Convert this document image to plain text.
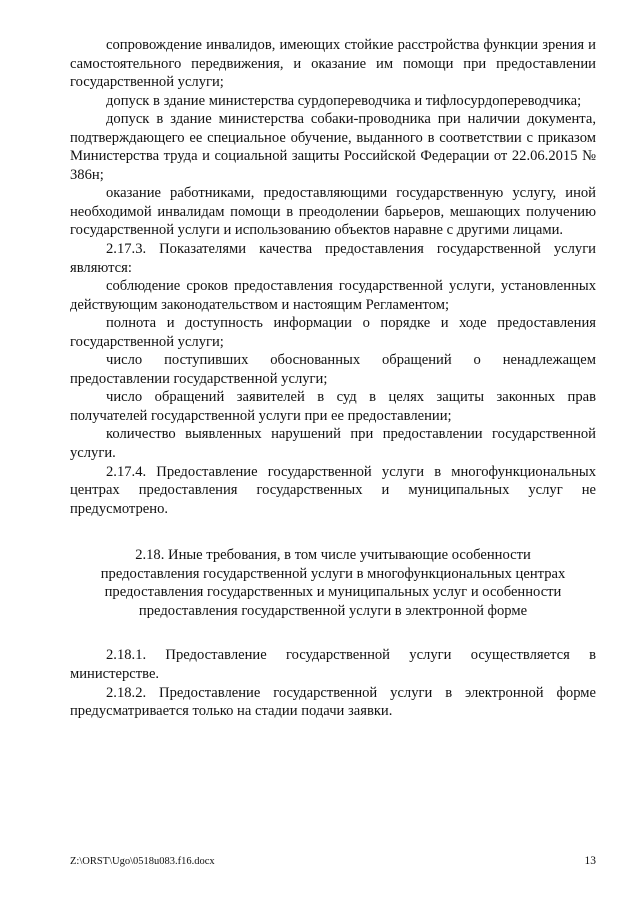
сопровождение инвалидов, имеющих стойкие расстройства функции зрения и самостоятельного передвижения, и оказание им помощи при предоставлении государственной услуги;

допуск в здание министерства сурдопереводчика и тифлосурдопереводчика;

допуск в здание министерства собаки-проводника при наличии документа, подтверждающего ее специальное обучение, выданного в соответствии с приказом Министерства труда и социальной защиты Российской Федерации от 22.06.2015 № 386н;

оказание работниками, предоставляющими государственную услугу, иной необходимой инвалидам помощи в преодолении барьеров, мешающих получению государственной услуги и использованию объектов наравне с другими лицами.

2.17.3. Показателями качества предоставления государственной услуги являются:

соблюдение сроков предоставления государственной услуги, установленных действующим законодательством и настоящим Регламентом;

полнота и доступность информации о порядке и ходе предоставления государственной услуги;

число поступивших обоснованных обращений о ненадлежащем предоставлении государственной услуги;

число обращений заявителей в суд в целях защиты законных прав получателей государственной услуги при ее предоставлении;

количество выявленных нарушений при предоставлении государственной услуги.

2.17.4. Предоставление государственной услуги в многофункциональных центрах предоставления государственных и муниципальных услуг не предусмотрено.

2.18. Иные требования, в том числе учитывающие особенности
предоставления государственной услуги в многофункциональных центрах
предоставления государственных и муниципальных услуг и особенности
предоставления государственной услуги в электронной форме

2.18.1. Предоставление государственной услуги осуществляется в министерстве.

2.18.2. Предоставление государственной услуги в электронной форме предусматривается только на стадии подачи заявки.

Z:\ORST\Ugo\0518u083.f16.docx	13
